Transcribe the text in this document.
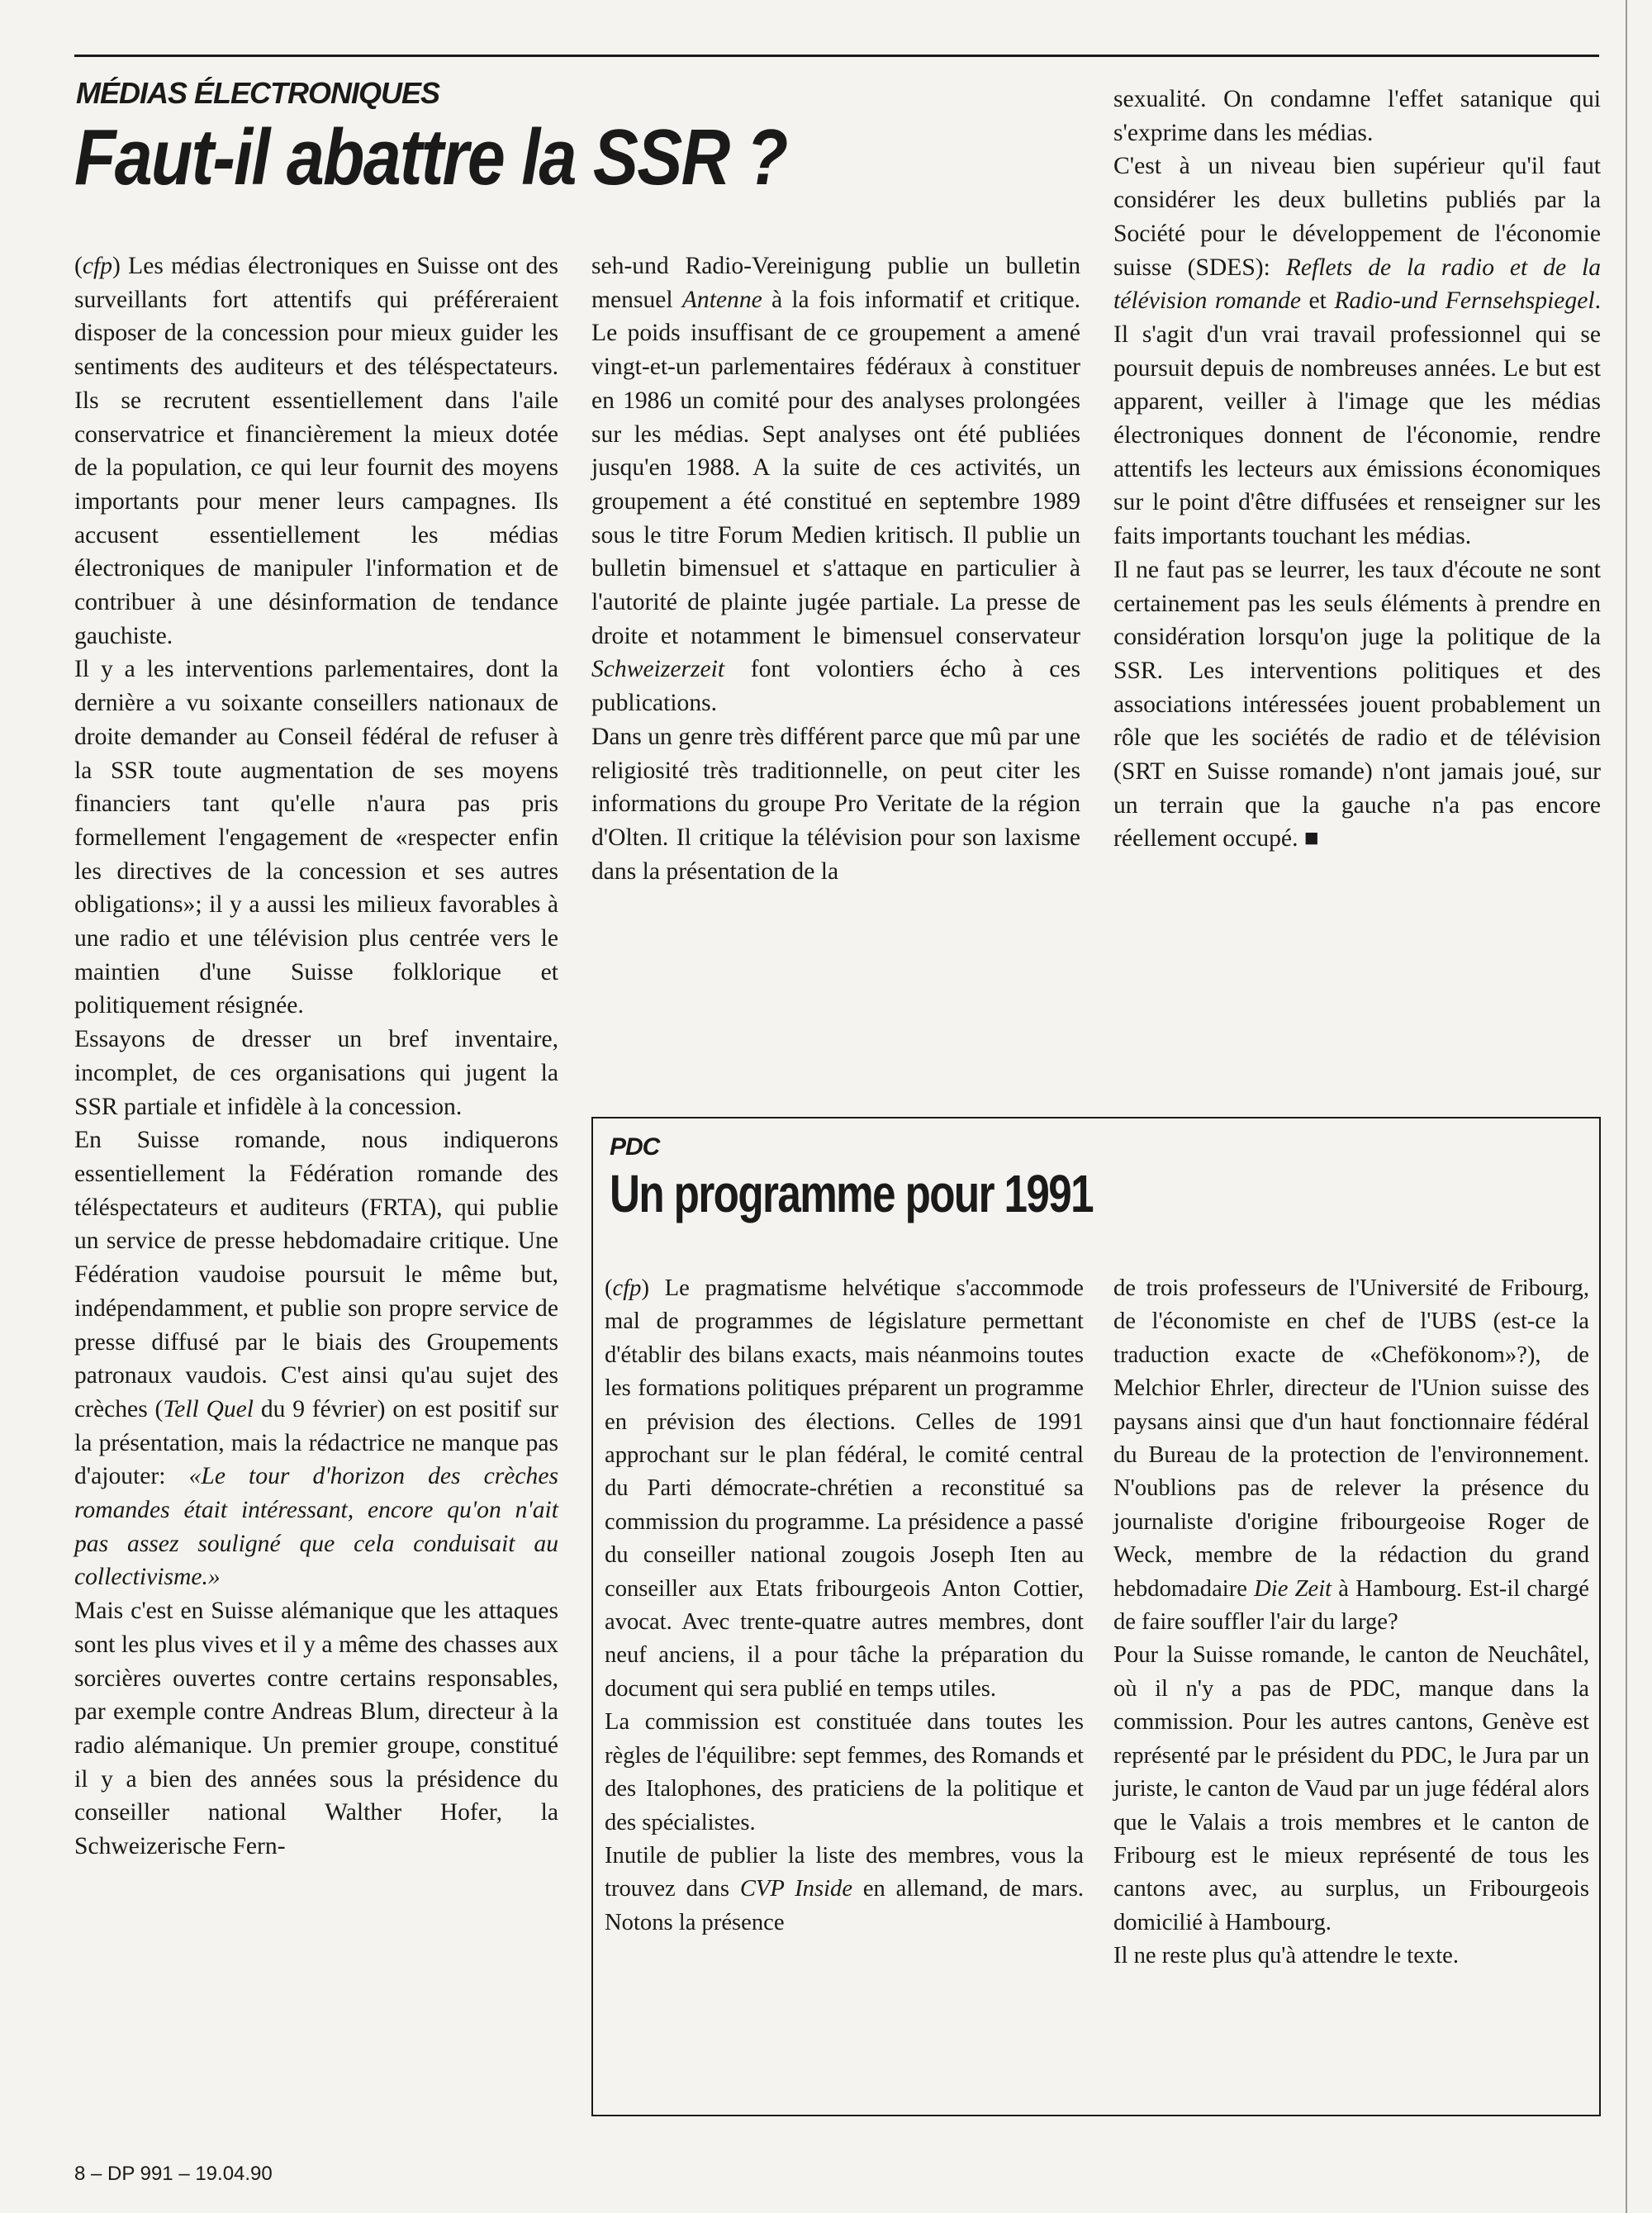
MÉDIAS ÉLECTRONIQUES
Faut-il abattre la SSR ?

(cfp) Les médias électroniques en Suisse ont des surveillants fort attentifs qui préféreraient disposer de la concession pour mieux guider les sentiments des auditeurs et des téléspectateurs. Ils se recrutent essentiellement dans l'aile conservatrice et financièrement la mieux dotée de la population, ce qui leur fournit des moyens importants pour mener leurs campagnes. Ils accusent essentiellement les médias électroniques de manipuler l'information et de contribuer à une désinformation de tendance gauchiste.

Il y a les interventions parlementaires, dont la dernière a vu soixante conseillers nationaux de droite demander au Conseil fédéral de refuser à la SSR toute augmentation de ses moyens financiers tant qu'elle n'aura pas pris formellement l'engagement de «respecter enfin les directives de la concession et ses autres obligations»; il y a aussi les milieux favorables à une radio et une télévision plus centrée vers le maintien d'une Suisse folklorique et politiquement résignée.

Essayons de dresser un bref inventaire, incomplet, de ces organisations qui jugent la SSR partiale et infidèle à la concession.

En Suisse romande, nous indiquerons essentiellement la Fédération romande des téléspectateurs et auditeurs (FRTA), qui publie un service de presse hebdomadaire critique. Une Fédération vaudoise poursuit le même but, indépendamment, et publie son propre service de presse diffusé par le biais des Groupements patronaux vaudois. C'est ainsi qu'au sujet des crèches (Tell Quel du 9 février) on est positif sur la présentation, mais la rédactrice ne manque pas d'ajouter: «Le tour d'horizon des crèches romandes était intéressant, encore qu'on n'ait pas assez souligné que cela conduisait au collectivisme.»

Mais c'est en Suisse alémanique que les attaques sont les plus vives et il y a même des chasses aux sorcières ouvertes contre certains responsables, par exemple contre Andreas Blum, directeur à la radio alémanique. Un premier groupe, constitué il y a bien des années sous la présidence du conseiller national Walther Hofer, la Schweizerische Fern-

seh-und Radio-Vereinigung publie un bulletin mensuel Antenne à la fois informatif et critique. Le poids insuffisant de ce groupement a amené vingt-et-un parlementaires fédéraux à constituer en 1986 un comité pour des analyses prolongées sur les médias. Sept analyses ont été publiées jusqu'en 1988. A la suite de ces activités, un groupement a été constitué en septembre 1989 sous le titre Forum Medien kritisch. Il publie un bulletin bimensuel et s'attaque en particulier à l'autorité de plainte jugée partiale. La presse de droite et notamment le bimensuel conservateur Schweizerzeit font volontiers écho à ces publications.

Dans un genre très différent parce que mû par une religiosité très traditionnelle, on peut citer les informations du groupe Pro Veritate de la région d'Olten. Il critique la télévision pour son laxisme dans la présentation de la

sexualité. On condamne l'effet satanique qui s'exprime dans les médias.

C'est à un niveau bien supérieur qu'il faut considérer les deux bulletins publiés par la Société pour le développement de l'économie suisse (SDES): Reflets de la radio et de la télévision romande et Radio-und Fernsehspiegel. Il s'agit d'un vrai travail professionnel qui se poursuit depuis de nombreuses années. Le but est apparent, veiller à l'image que les médias électroniques donnent de l'économie, rendre attentifs les lecteurs aux émissions économiques sur le point d'être diffusées et renseigner sur les faits importants touchant les médias.

Il ne faut pas se leurrer, les taux d'écoute ne sont certainement pas les seuls éléments à prendre en considération lorsqu'on juge la politique de la SSR. Les interventions politiques et des associations intéressées jouent probablement un rôle que les sociétés de radio et de télévision (SRT en Suisse romande) n'ont jamais joué, sur un terrain que la gauche n'a pas encore réellement occupé. ■

PDC
Un programme pour 1991

(cfp) Le pragmatisme helvétique s'accommode mal de programmes de législature permettant d'établir des bilans exacts, mais néanmoins toutes les formations politiques préparent un programme en prévision des élections. Celles de 1991 approchant sur le plan fédéral, le comité central du Parti démocrate-chrétien a reconstitué sa commission du programme. La présidence a passé du conseiller national zougois Joseph Iten au conseiller aux Etats fribourgeois Anton Cottier, avocat. Avec trente-quatre autres membres, dont neuf anciens, il a pour tâche la préparation du document qui sera publié en temps utiles.

La commission est constituée dans toutes les règles de l'équilibre: sept femmes, des Romands et des Italophones, des praticiens de la politique et des spécialistes.

Inutile de publier la liste des membres, vous la trouvez dans CVP Inside en allemand, de mars. Notons la présence

de trois professeurs de l'Université de Fribourg, de l'économiste en chef de l'UBS (est-ce la traduction exacte de «Chefökonom»?), de Melchior Ehrler, directeur de l'Union suisse des paysans ainsi que d'un haut fonctionnaire fédéral du Bureau de la protection de l'environnement. N'oublions pas de relever la présence du journaliste d'origine fribourgeoise Roger de Weck, membre de la rédaction du grand hebdomadaire Die Zeit à Hambourg. Est-il chargé de faire souffler l'air du large?

Pour la Suisse romande, le canton de Neuchâtel, où il n'y a pas de PDC, manque dans la commission. Pour les autres cantons, Genève est représenté par le président du PDC, le Jura par un juriste, le canton de Vaud par un juge fédéral alors que le Valais a trois membres et le canton de Fribourg est le mieux représenté de tous les cantons avec, au surplus, un Fribourgeois domicilié à Hambourg.

Il ne reste plus qu'à attendre le texte.

8 – DP 991 – 19.04.90
